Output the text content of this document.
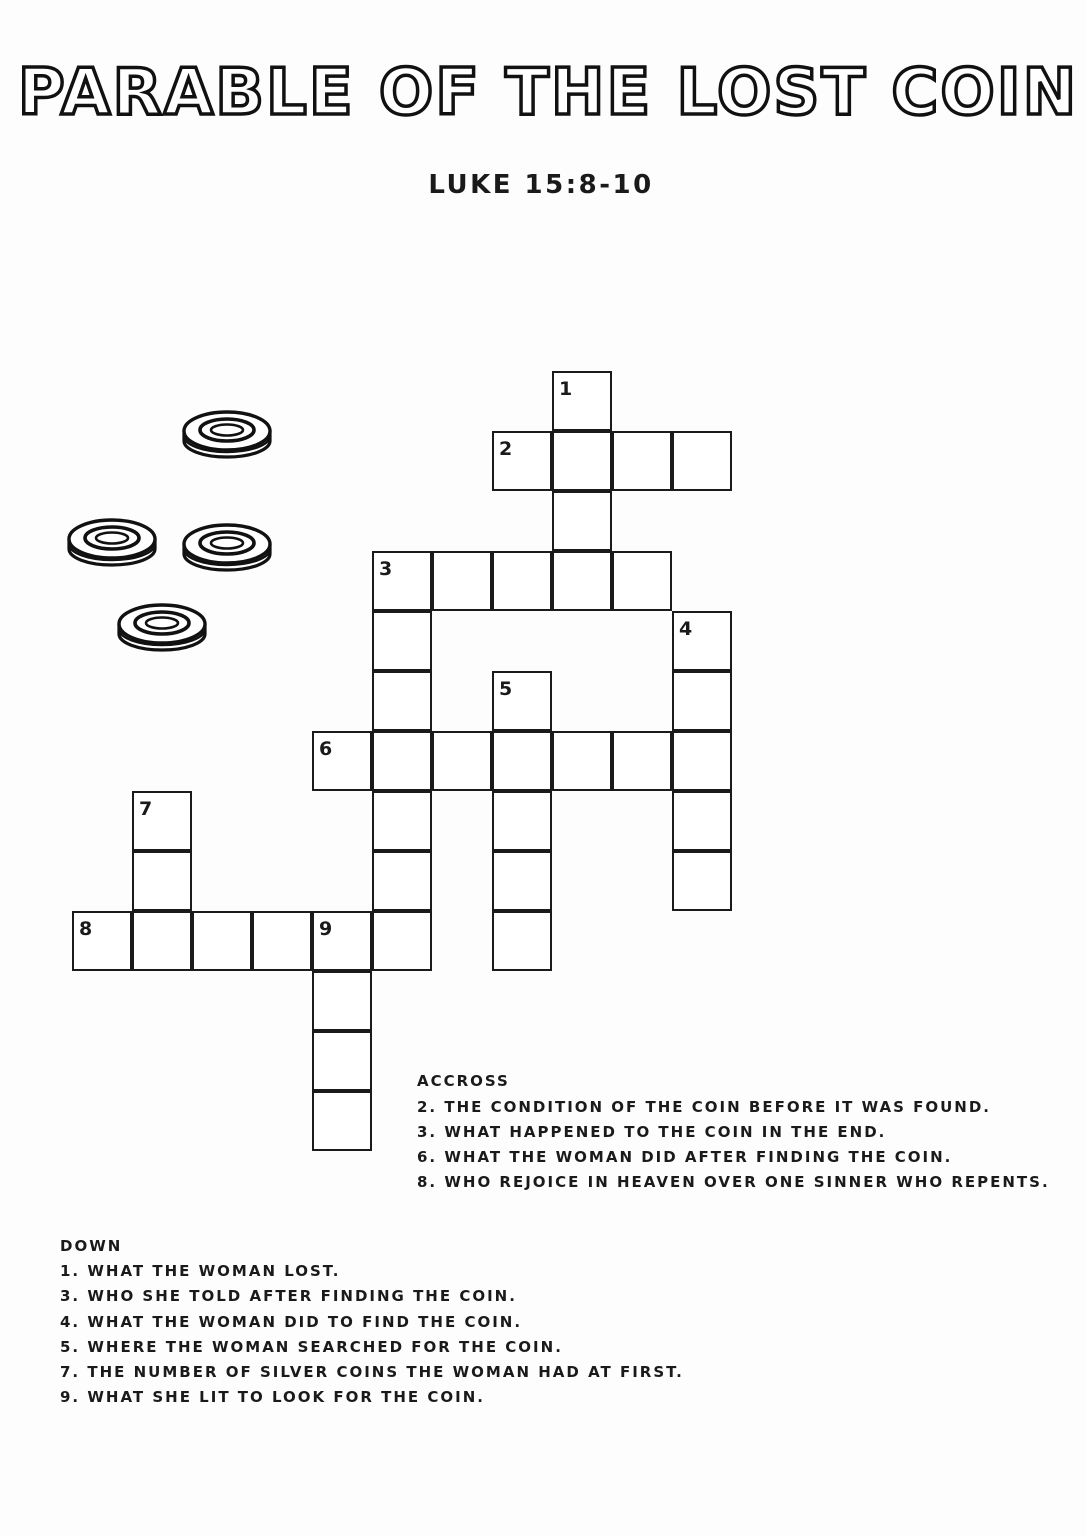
PARABLE OF THE LOST COIN
LUKE 15:8-10
1
2
3
4
5
6
7
8	9
ACCROSS
2. THE CONDITION OF THE COIN BEFORE IT WAS FOUND.
3. WHAT HAPPENED TO THE COIN IN THE END.
6. WHAT THE WOMAN DID AFTER FINDING THE COIN.
8. WHO REJOICE IN HEAVEN OVER ONE SINNER WHO REPENTS.
DOWN
1. WHAT THE WOMAN LOST.
3. WHO SHE TOLD AFTER FINDING THE COIN.
4. WHAT THE WOMAN DID TO FIND THE COIN.
5. WHERE THE WOMAN SEARCHED FOR THE COIN.
7. THE NUMBER OF SILVER COINS THE WOMAN HAD AT FIRST.
9. WHAT SHE LIT TO LOOK FOR THE COIN.
